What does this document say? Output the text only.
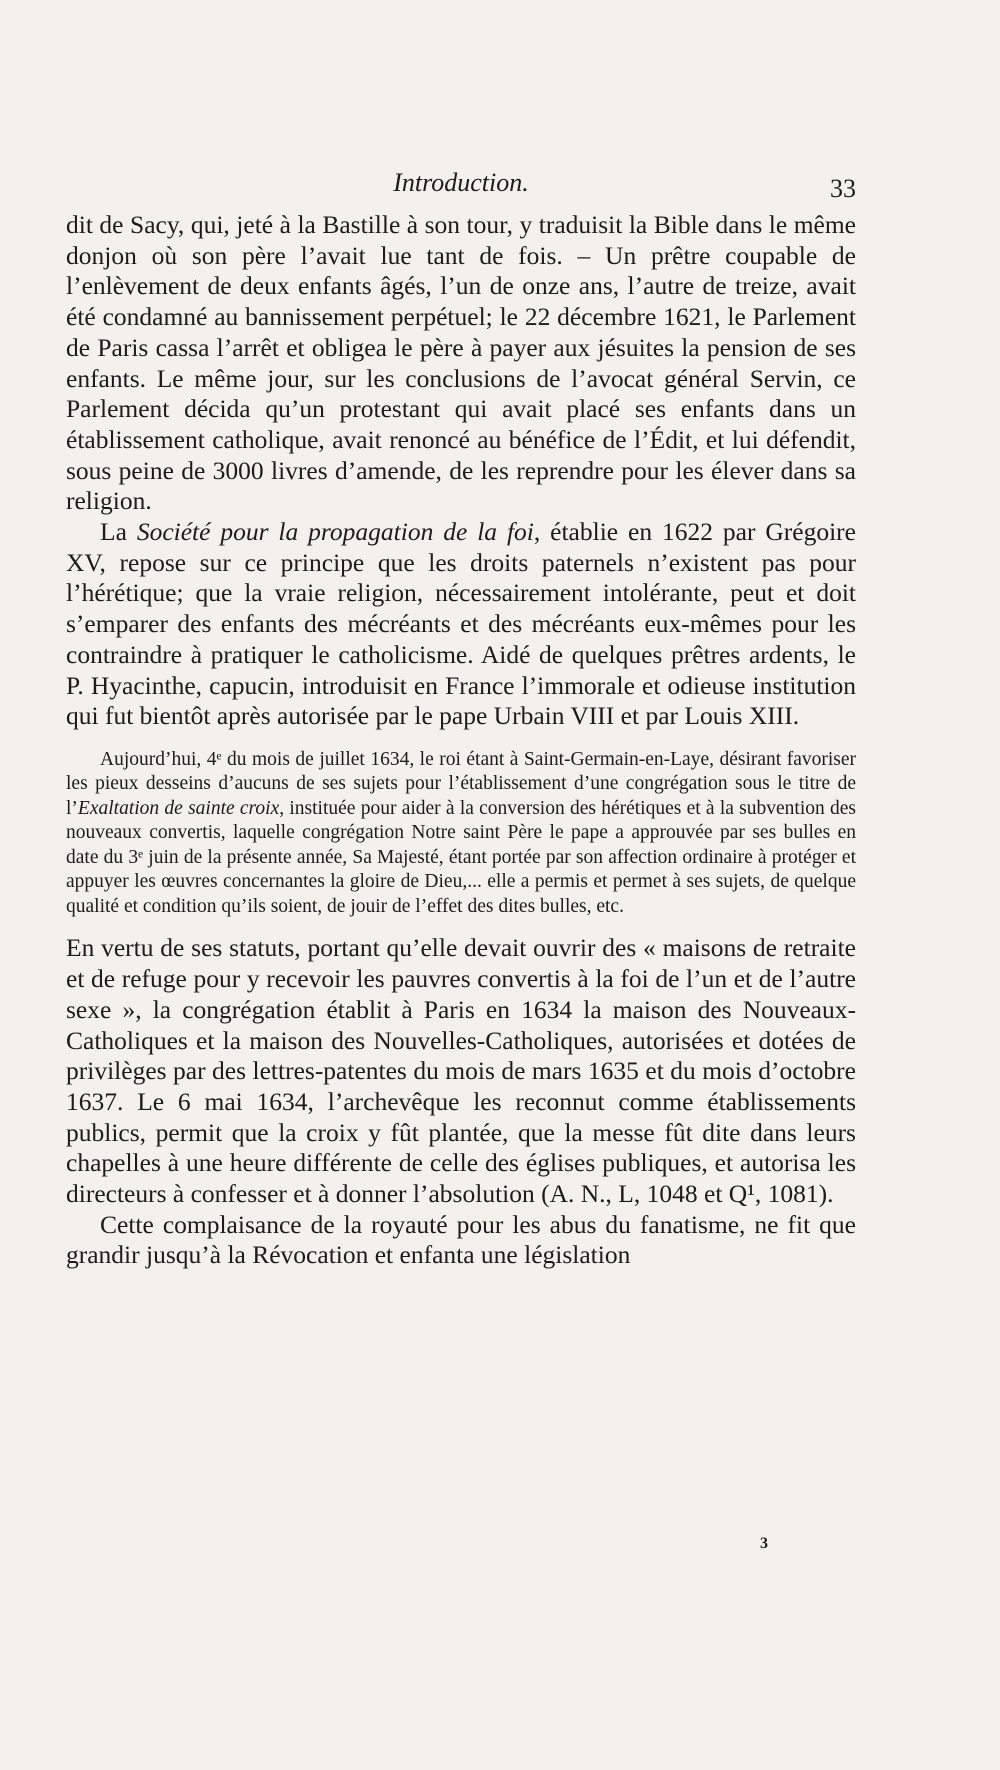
Introduction.	33

dit de Sacy, qui, jeté à la Bastille à son tour, y traduisit la Bible dans le même donjon où son père l’avait lue tant de fois. – Un prêtre coupable de l’enlèvement de deux enfants âgés, l’un de onze ans, l’autre de treize, avait été condamné au bannissement perpétuel; le 22 décembre 1621, le Parlement de Paris cassa l’arrêt et obligea le père à payer aux jésuites la pension de ses enfants. Le même jour, sur les conclusions de l’avocat général Servin, ce Parlement décida qu’un protestant qui avait placé ses enfants dans un établissement catholique, avait renoncé au bénéfice de l’Édit, et lui défendit, sous peine de 3000 livres d’amende, de les reprendre pour les élever dans sa religion.

La Société pour la propagation de la foi, établie en 1622 par Grégoire XV, repose sur ce principe que les droits paternels n’existent pas pour l’hérétique; que la vraie religion, nécessairement intolérante, peut et doit s’emparer des enfants des mécréants et des mécréants eux-mêmes pour les contraindre à pratiquer le catholicisme. Aidé de quelques prêtres ardents, le P. Hyacinthe, capucin, introduisit en France l’immorale et odieuse institution qui fut bientôt après autorisée par le pape Urbain VIII et par Louis XIII.

Aujourd’hui, 4ᵉ du mois de juillet 1634, le roi étant à Saint-Germain-en-Laye, désirant favoriser les pieux desseins d’aucuns de ses sujets pour l’établissement d’une congrégation sous le titre de l’Exaltation de sainte croix, instituée pour aider à la conversion des hérétiques et à la subvention des nouveaux convertis, laquelle congrégation Notre saint Père le pape a approuvée par ses bulles en date du 3ᵉ juin de la présente année, Sa Majesté, étant portée par son affection ordinaire à protéger et appuyer les œuvres concernantes la gloire de Dieu,... elle a permis et permet à ses sujets, de quelque qualité et condition qu’ils soient, de jouir de l’effet des dites bulles, etc.

En vertu de ses statuts, portant qu’elle devait ouvrir des « maisons de retraite et de refuge pour y recevoir les pauvres convertis à la foi de l’un et de l’autre sexe », la congrégation établit à Paris en 1634 la maison des Nouveaux-Catholiques et la maison des Nouvelles-Catholiques, autorisées et dotées de privilèges par des lettres-patentes du mois de mars 1635 et du mois d’octobre 1637. Le 6 mai 1634, l’archevêque les reconnut comme établissements publics, permit que la croix y fût plantée, que la messe fût dite dans leurs chapelles à une heure différente de celle des églises publiques, et autorisa les directeurs à confesser et à donner l’absolution (A. N., L, 1048 et Q¹, 1081).

Cette complaisance de la royauté pour les abus du fanatisme, ne fit que grandir jusqu’à la Révocation et enfanta une législation

3
